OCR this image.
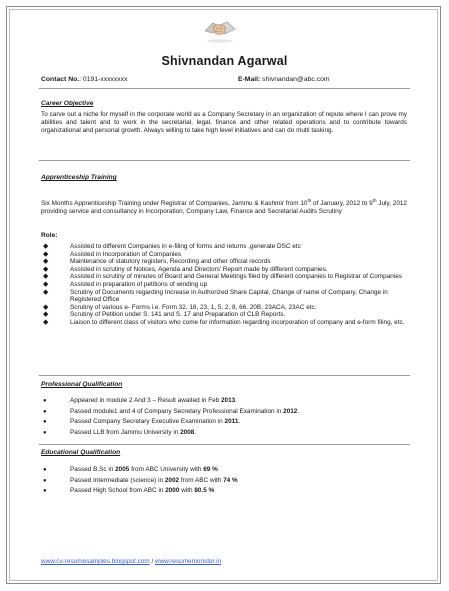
Shivnandan Agarwal
Contact No.: 0191-xxxxxxxx	E-Mail: shivnandan@abc.com
Career Objective
To carve out a niche for myself in the corporate world as a Company Secretary in an organization of repute where I can prove my abilities and talent and to work in the secretarial, legal, finance and other related operations and to contribute towards organizational and personal growth. Always willing to take high level initiatives and can do multi tasking.
Apprenticeship Training
Six Months Apprenticeship Training under Registrar of Companies, Jammu & Kashmir from 10th of January, 2012 to 9th July, 2012 providing service and consultancy in Incorporation, Company Law, Finance and Secretarial Audits Scrutiny
Role:
◆	Assisted to different Companies in e-filing of forms and returns ,generate DSC etc
◆	Assisted in Incorporation of Companies
◆	Maintenance of statutory registers, Recording and other official records
◆	Assisted in scrutiny of Notices, Agenda and Directors' Report made by different companies.
◆	Assisted in scrutiny of minutes of Board and General Meetings filed by different companies to Registrar of Companies
◆	Assisted in preparation of petitions of winding up
◆	Scrutiny of Documents regarding Increase in Authorized Share Capital, Change of name of Company, Change in Registered Office
◆	Scrutiny of various e- Forms i.e. Form 32, 18, 23, 1, 5, 2, 8, 66, 20B, 23ACA, 23AC etc.
◆	Scrutiny of Petition under S. 141 and S. 17 and Preparation of CLB Reports.
◆	Liaison to different class of visitors who come for information regarding incorporation of company and e-form filing, etc.
Professional Qualification
●	Appeared in module 2 And 3 – Result awaited in Feb 2013.
●	Passed module1 and 4 of Company Secretary Professional Examination in 2012.
●	Passed Company Secretary Executive Examination in 2011.
●	Passed LLB from Jammu University in 2008.
Educational Qualification
●	Passed B.Sc in 2005 from ABC University with 69 %
●	Passed Intermediate (science) in 2002 from ABC with 74 %
●	Passed High School from ABC in 2000 with 80.5 %
www.cv-resumesamples.blogspot.com / www.resumemonster.in
